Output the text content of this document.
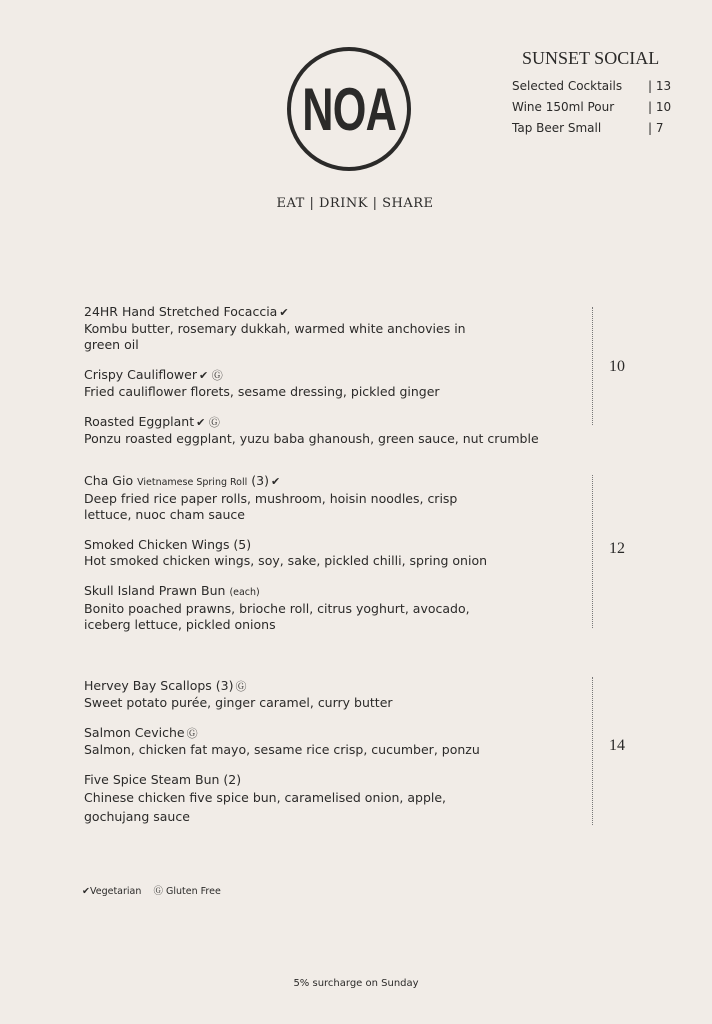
NOA
EAT | DRINK | SHARE
SUNSET SOCIAL
Selected Cocktails	| 13
Wine 150ml Pour	| 10
Tap Beer Small	| 7
24HR Hand Stretched Focaccia ✔
Kombu butter, rosemary dukkah, warmed white anchovies in green oil
Crispy Cauliflower ✔ Ⓖ
Fried cauliflower florets, sesame dressing, pickled ginger
Roasted Eggplant ✔ Ⓖ
Ponzu roasted eggplant, yuzu baba ghanoush, green sauce, nut crumble
10
Cha Gio Vietnamese Spring Roll (3) ✔
Deep fried rice paper rolls, mushroom, hoisin noodles, crisp lettuce, nuoc cham sauce
Smoked Chicken Wings (5)
Hot smoked chicken wings, soy, sake, pickled chilli, spring onion
Skull Island Prawn Bun (each)
Bonito poached prawns, brioche roll, citrus yoghurt, avocado, iceberg lettuce, pickled onions
12
Hervey Bay Scallops (3) Ⓖ
Sweet potato purée, ginger caramel, curry butter
Salmon Ceviche Ⓖ
Salmon, chicken fat mayo, sesame rice crisp, cucumber, ponzu
Five Spice Steam Bun (2)
Chinese chicken five spice bun, caramelised onion, apple, gochujang sauce
14
✔Vegetarian Ⓖ Gluten Free
5% surcharge on Sunday
